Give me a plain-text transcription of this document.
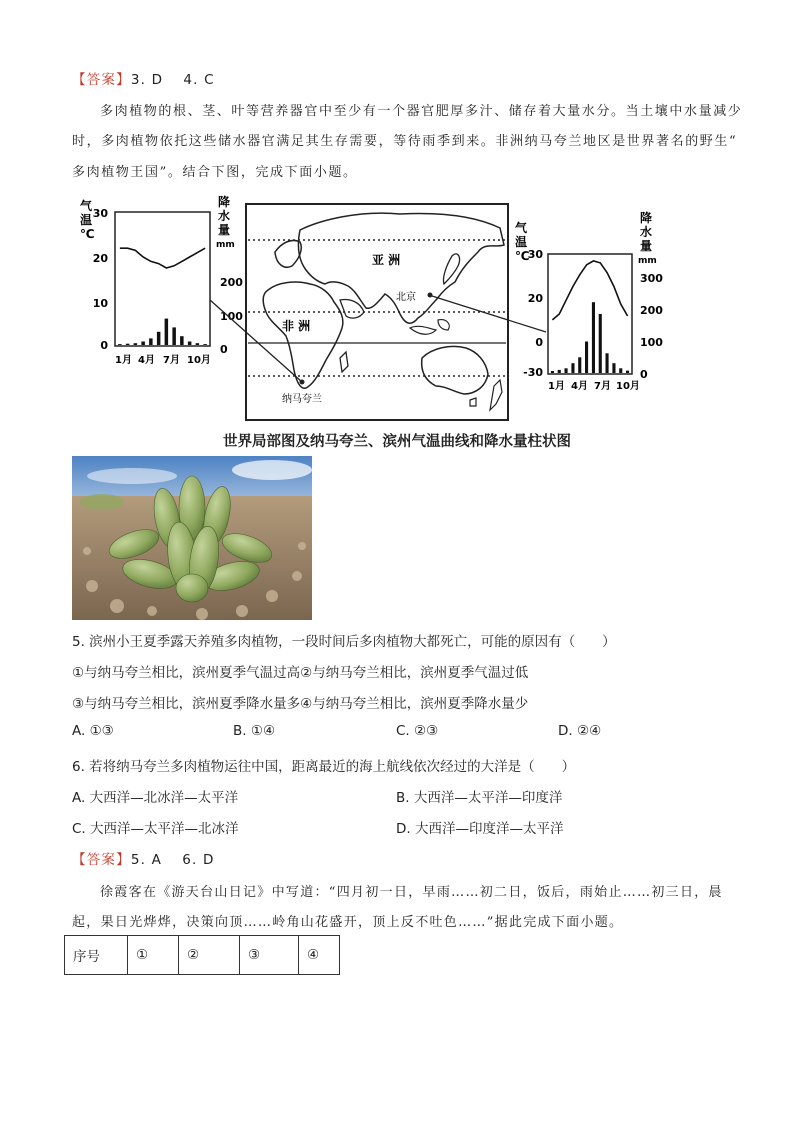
【答案】3. D　 4. C
多肉植物的根、茎、叶等营养器官中至少有一个器官肥厚多汁、储存着大量水分。当土壤中水量减少
时，多肉植物依托这些储水器官满足其生存需要，等待雨季到来。非洲纳马夸兰地区是世界著名的野生“
多肉植物王国”。结合下图，完成下面小题。
气
温
℃
降
水
量
mm
30
20
10
0
200
100
0
1月 4月 7月 10月
亚 洲
非 洲
北京
纳马夸兰
气
温
℃
降
水
量
mm
30
20
0
-30
300
200
100
0
1月 4月 7月 10月
世界局部图及纳马夸兰、滨州气温曲线和降水量柱状图
5. 滨州小王夏季露天养殖多肉植物，一段时间后多肉植物大都死亡，可能的原因有（　　）
①与纳马夸兰相比，滨州夏季气温过高②与纳马夸兰相比，滨州夏季气温过低
③与纳马夸兰相比，滨州夏季降水量多④与纳马夸兰相比，滨州夏季降水量少
A. ①③	B. ①④	C. ②③	D. ②④
6. 若将纳马夸兰多肉植物运往中国，距离最近的海上航线依次经过的大洋是（　　）
A. 大西洋—北冰洋—太平洋	B. 大西洋—太平洋—印度洋
C. 大西洋—太平洋—北冰洋	D. 大西洋—印度洋—太平洋
【答案】5. A　 6. D
徐霞客在《游天台山日记》中写道：“四月初一日，早雨……初二日，饭后，雨始止……初三日，晨
起，果日光烨烨，决策向顶……岭角山花盛开，顶上反不吐色……”据此完成下面小题。
序号	①	②	③	④
